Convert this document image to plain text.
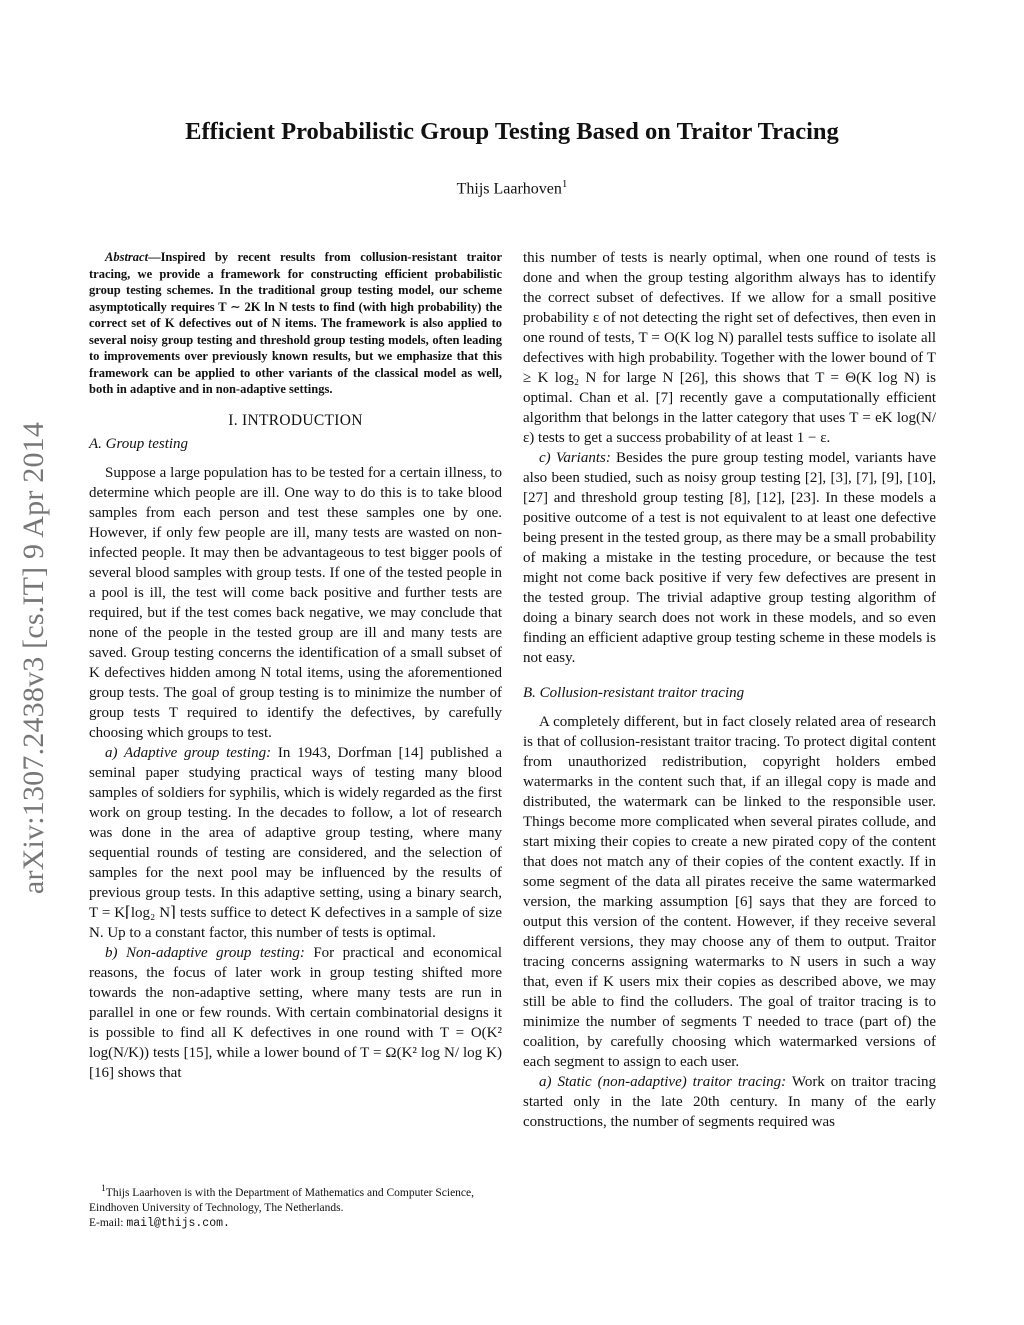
arXiv:1307.2438v3 [cs.IT] 9 Apr 2014
Efficient Probabilistic Group Testing Based on Traitor Tracing
Thijs Laarhoven$^1$

Abstract—Inspired by recent results from collusion-resistant traitor tracing, we provide a framework for constructing efficient probabilistic group testing schemes. In the traditional group testing model, our scheme asymptotically requires T ∼ 2K ln N tests to find (with high probability) the correct set of K defectives out of N items. The framework is also applied to several noisy group testing and threshold group testing models, often leading to improvements over previously known results, but we emphasize that this framework can be applied to other variants of the classical model as well, both in adaptive and in non-adaptive settings.

I. INTRODUCTION
A. Group testing

Suppose a large population has to be tested for a certain illness, to determine which people are ill. One way to do this is to take blood samples from each person and test these samples one by one. However, if only few people are ill, many tests are wasted on non-infected people. It may then be advantageous to test bigger pools of several blood samples with group tests. If one of the tested people in a pool is ill, the test will come back positive and further tests are required, but if the test comes back negative, we may conclude that none of the people in the tested group are ill and many tests are saved. Group testing concerns the identification of a small subset of K defectives hidden among N total items, using the aforementioned group tests. The goal of group testing is to minimize the number of group tests T required to identify the defectives, by carefully choosing which groups to test.

a) Adaptive group testing: In 1943, Dorfman [14] published a seminal paper studying practical ways of testing many blood samples of soldiers for syphilis, which is widely regarded as the first work on group testing. In the decades to follow, a lot of research was done in the area of adaptive group testing, where many sequential rounds of testing are considered, and the selection of samples for the next pool may be influenced by the results of previous group tests. In this adaptive setting, using a binary search, T = K⌈log₂ N⌉ tests suffice to detect K defectives in a sample of size N. Up to a constant factor, this number of tests is optimal.

b) Non-adaptive group testing: For practical and economical reasons, the focus of later work in group testing shifted more towards the non-adaptive setting, where many tests are run in parallel in one or few rounds. With certain combinatorial designs it is possible to find all K defectives in one round with T = O(K² log(N/K)) tests [15], while a lower bound of T = Ω(K² log N/ log K) [16] shows that

$^1$Thijs Laarhoven is with the Department of Mathematics and Computer Science, Eindhoven University of Technology, The Netherlands.

E-mail: mail@thijs.com.

this number of tests is nearly optimal, when one round of tests is done and when the group testing algorithm always has to identify the correct subset of defectives. If we allow for a small positive probability ε of not detecting the right set of defectives, then even in one round of tests, T = O(K log N) parallel tests suffice to isolate all defectives with high probability. Together with the lower bound of T ≥ K log₂ N for large N [26], this shows that T = Θ(K log N) is optimal. Chan et al. [7] recently gave a computationally efficient algorithm that belongs in the latter category that uses T = eK log(N/ε) tests to get a success probability of at least 1 − ε.

c) Variants: Besides the pure group testing model, variants have also been studied, such as noisy group testing [2], [3], [7], [9], [10], [27] and threshold group testing [8], [12], [23]. In these models a positive outcome of a test is not equivalent to at least one defective being present in the tested group, as there may be a small probability of making a mistake in the testing procedure, or because the test might not come back positive if very few defectives are present in the tested group. The trivial adaptive group testing algorithm of doing a binary search does not work in these models, and so even finding an efficient adaptive group testing scheme in these models is not easy.

B. Collusion-resistant traitor tracing

A completely different, but in fact closely related area of research is that of collusion-resistant traitor tracing. To protect digital content from unauthorized redistribution, copyright holders embed watermarks in the content such that, if an illegal copy is made and distributed, the watermark can be linked to the responsible user. Things become more complicated when several pirates collude, and start mixing their copies to create a new pirated copy of the content that does not match any of their copies of the content exactly. If in some segment of the data all pirates receive the same watermarked version, the marking assumption [6] says that they are forced to output this version of the content. However, if they receive several different versions, they may choose any of them to output. Traitor tracing concerns assigning watermarks to N users in such a way that, even if K users mix their copies as described above, we may still be able to find the colluders. The goal of traitor tracing is to minimize the number of segments T needed to trace (part of) the coalition, by carefully choosing which watermarked versions of each segment to assign to each user.

a) Static (non-adaptive) traitor tracing: Work on traitor tracing started only in the late 20th century. In many of the early constructions, the number of segments required was
